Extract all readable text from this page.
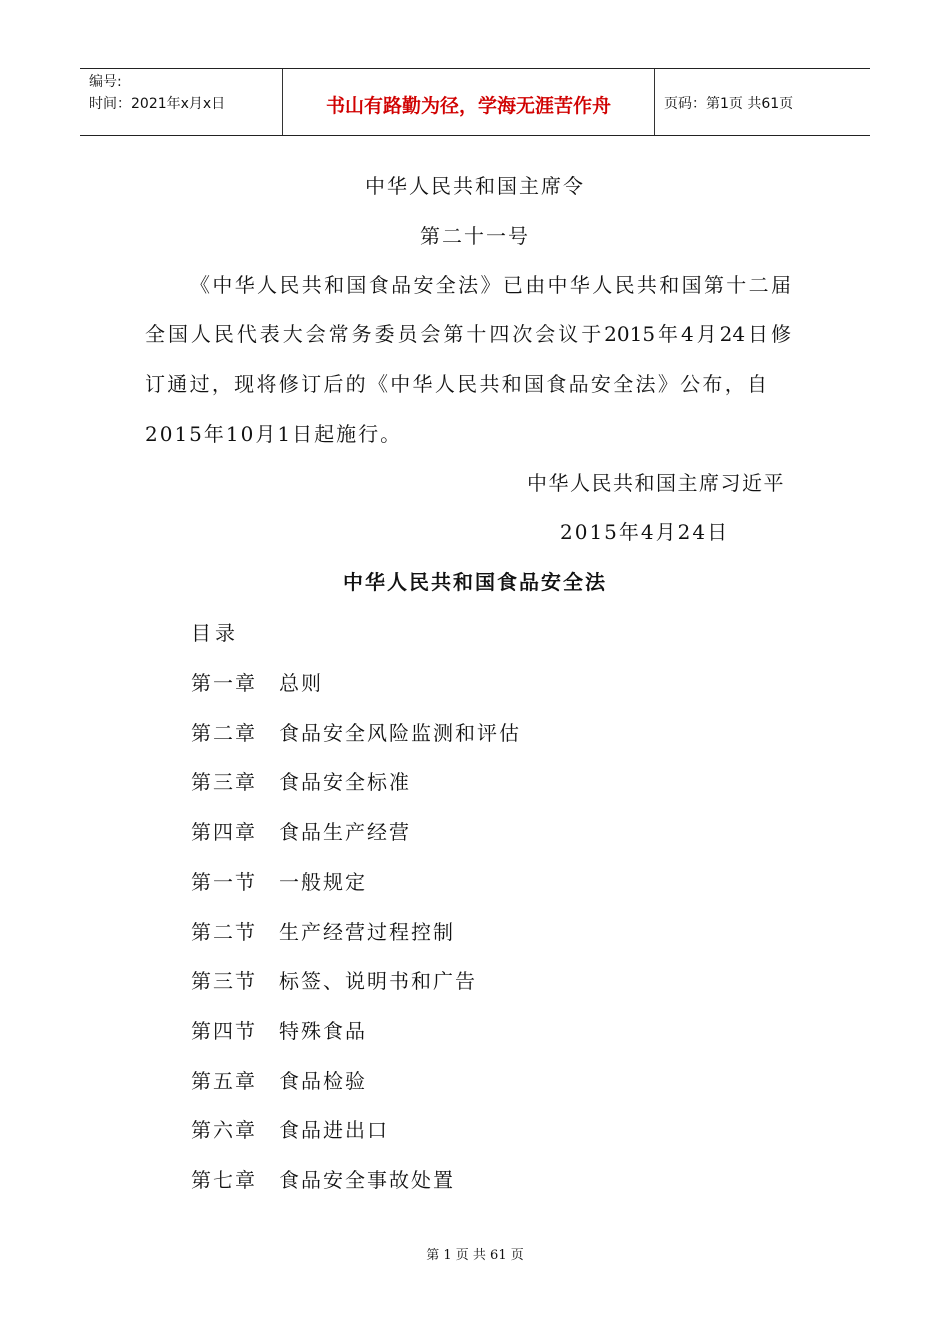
编号:
时间：2021年x月x日	书山有路勤为径，学海无涯苦作舟	页码：第1页 共61页
中华人民共和国主席令
第二十一号
《中华人民共和国食品安全法》已由中华人民共和国第十二届
全国人民代表大会常务委员会第十四次会议于2015年4月24日修
订通过，现将修订后的《中华人民共和国食品安全法》公布，自
2015年10月1日起施行。
中华人民共和国主席习近平
2015年4月24日
中华人民共和国食品安全法
目录
第一章 总则
第二章 食品安全风险监测和评估
第三章 食品安全标准
第四章 食品生产经营
第一节 一般规定
第二节 生产经营过程控制
第三节 标签、说明书和广告
第四节 特殊食品
第五章 食品检验
第六章 食品进出口
第七章 食品安全事故处置
第 1 页 共 61 页
